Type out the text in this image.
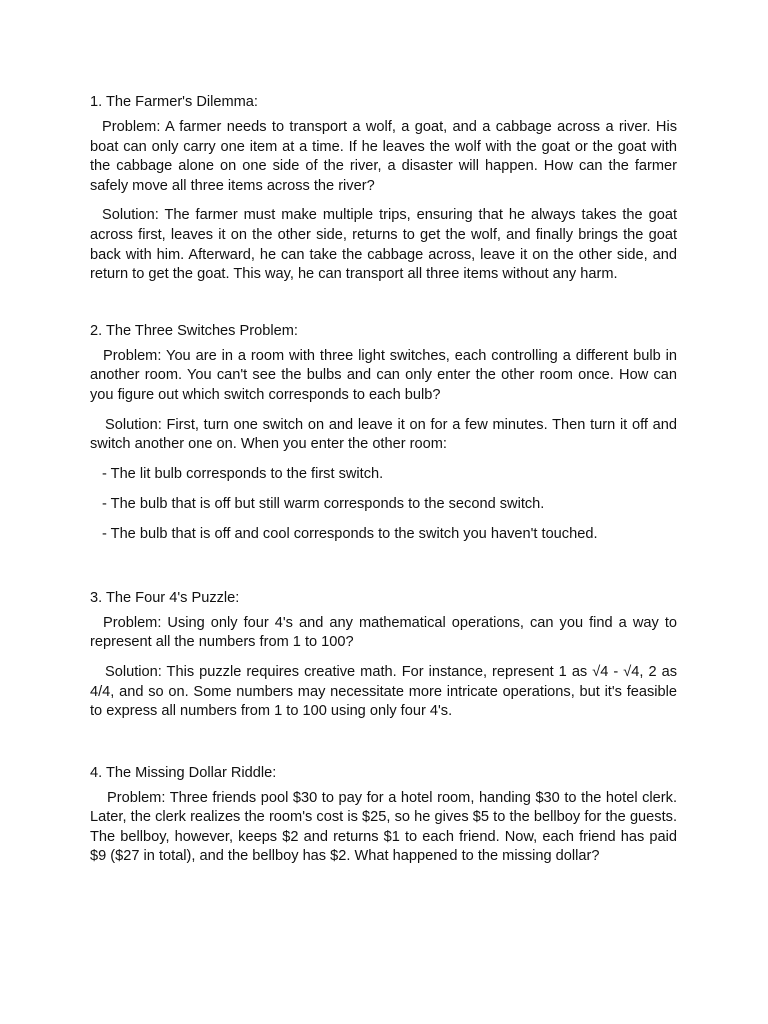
1. The Farmer's Dilemma:
Problem: A farmer needs to transport a wolf, a goat, and a cabbage across a river. His boat can only carry one item at a time. If he leaves the wolf with the goat or the goat with the cabbage alone on one side of the river, a disaster will happen. How can the farmer safely move all three items across the river?
Solution: The farmer must make multiple trips, ensuring that he always takes the goat across first, leaves it on the other side, returns to get the wolf, and finally brings the goat back with him. Afterward, he can take the cabbage across, leave it on the other side, and return to get the goat. This way, he can transport all three items without any harm.
2. The Three Switches Problem:
Problem: You are in a room with three light switches, each controlling a different bulb in another room. You can't see the bulbs and can only enter the other room once. How can you figure out which switch corresponds to each bulb?
Solution: First, turn one switch on and leave it on for a few minutes. Then turn it off and switch another one on. When you enter the other room:
- The lit bulb corresponds to the first switch.
- The bulb that is off but still warm corresponds to the second switch.
- The bulb that is off and cool corresponds to the switch you haven't touched.
3. The Four 4's Puzzle:
Problem: Using only four 4's and any mathematical operations, can you find a way to represent all the numbers from 1 to 100?
Solution: This puzzle requires creative math. For instance, represent 1 as √4 - √4, 2 as 4/4, and so on. Some numbers may necessitate more intricate operations, but it's feasible to express all numbers from 1 to 100 using only four 4's.
4. The Missing Dollar Riddle:
Problem: Three friends pool $30 to pay for a hotel room, handing $30 to the hotel clerk. Later, the clerk realizes the room's cost is $25, so he gives $5 to the bellboy for the guests. The bellboy, however, keeps $2 and returns $1 to each friend. Now, each friend has paid $9 ($27 in total), and the bellboy has $2. What happened to the missing dollar?
